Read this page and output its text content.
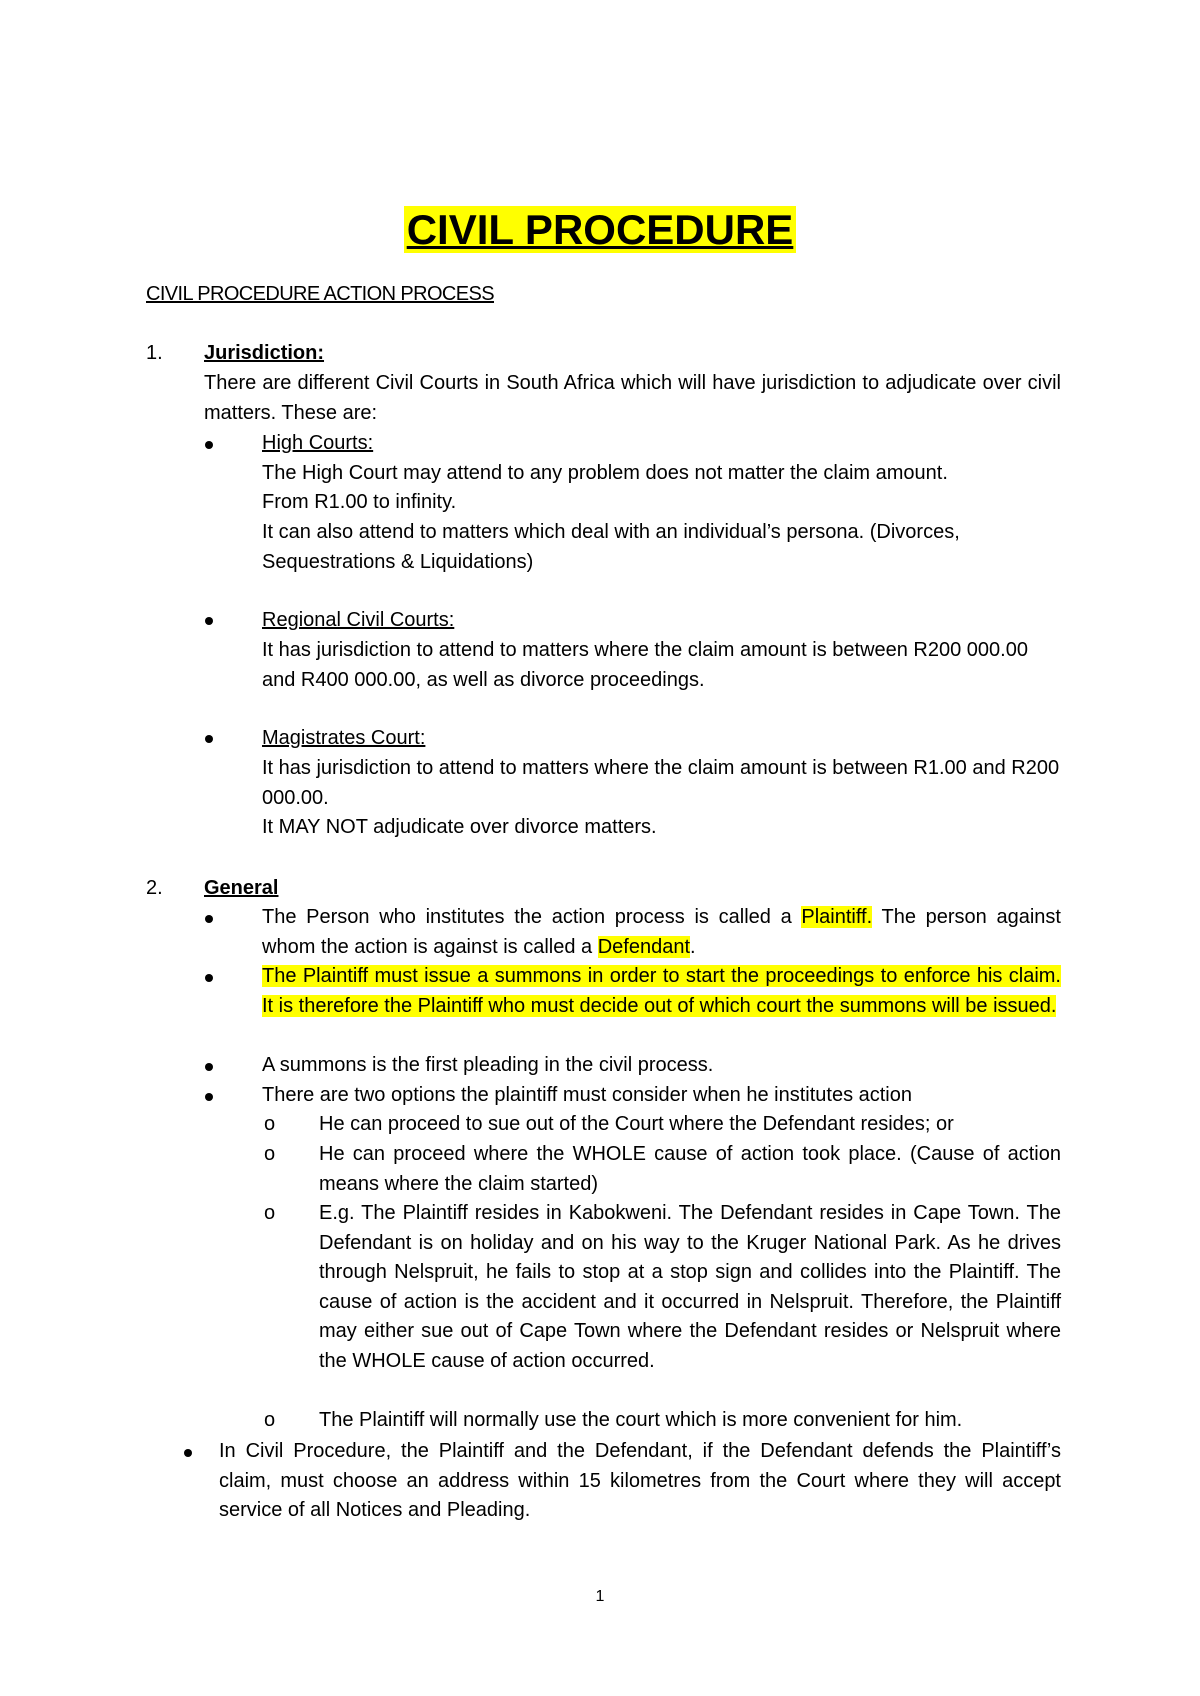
CIVIL PROCEDURE
CIVIL PROCEDURE ACTION PROCESS
1. Jurisdiction:
There are different Civil Courts in South Africa which will have jurisdiction to adjudicate over civil matters. These are:
High Courts:
The High Court may attend to any problem does not matter the claim amount.
From R1.00 to infinity.
It can also attend to matters which deal with an individual’s persona. (Divorces, Sequestrations & Liquidations)
Regional Civil Courts:
It has jurisdiction to attend to matters where the claim amount is between R200 000.00 and R400 000.00, as well as divorce proceedings.
Magistrates Court:
It has jurisdiction to attend to matters where the claim amount is between R1.00 and R200 000.00.
It MAY NOT adjudicate over divorce matters.
2. General
The Person who institutes the action process is called a Plaintiff. The person against whom the action is against is called a Defendant.
The Plaintiff must issue a summons in order to start the proceedings to enforce his claim. It is therefore the Plaintiff who must decide out of which court the summons will be issued.
A summons is the first pleading in the civil process.
There are two options the plaintiff must consider when he institutes action
o He can proceed to sue out of the Court where the Defendant resides; or
o He can proceed where the WHOLE cause of action took place. (Cause of action means where the claim started)
o E.g. The Plaintiff resides in Kabokweni. The Defendant resides in Cape Town. The Defendant is on holiday and on his way to the Kruger National Park. As he drives through Nelspruit, he fails to stop at a stop sign and collides into the Plaintiff. The cause of action is the accident and it occurred in Nelspruit. Therefore, the Plaintiff may either sue out of Cape Town where the Defendant resides or Nelspruit where the WHOLE cause of action occurred.
o The Plaintiff will normally use the court which is more convenient for him.
In Civil Procedure, the Plaintiff and the Defendant, if the Defendant defends the Plaintiff’s claim, must choose an address within 15 kilometres from the Court where they will accept service of all Notices and Pleading.
1
